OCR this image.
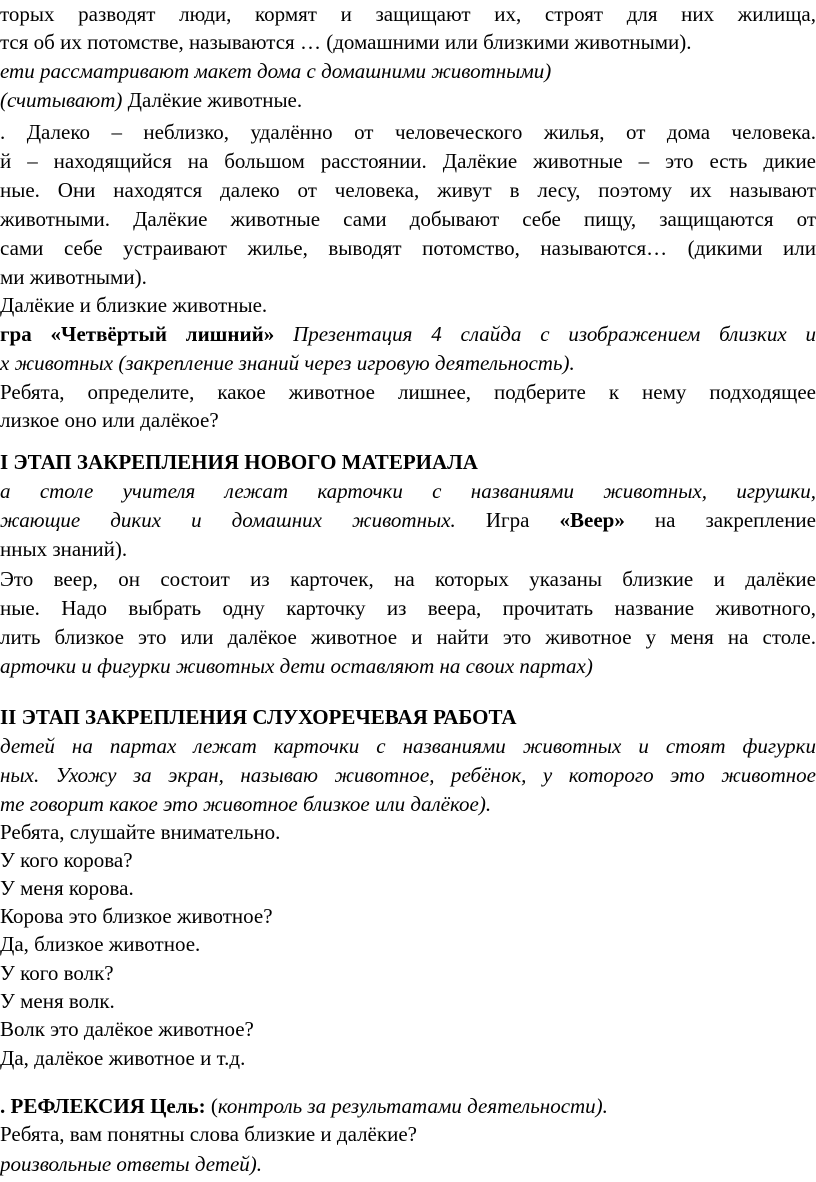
торых разводят люди, кормят и защищают их, строят для них жилища,
тся об их потомстве, называются … (домашними или близкими животными).
ети рассматривают макет дома с домашними животными)
(считывают) Далёкие животные.
. Далеко – неблизко, удалённо от человеческого жилья, от дома человека.
й – находящийся на большом расстоянии. Далёкие животные – это есть дикие
ные. Они находятся далеко от человека, живут в лесу, поэтому их называют
животными. Далёкие животные сами добывают себе пищу, защищаются от
сами себе устраивают жилье, выводят потомство, называются… (дикими или
ми животными).
Далёкие и близкие животные.
гра «Четвёртый лишний» Презентация 4 слайда с изображением близких и
х животных (закрепление знаний через игровую деятельность).
Ребята, определите, какое животное лишнее, подберите к нему подходящее
лизкое оно или далёкое?
I ЭТАП ЗАКРЕПЛЕНИЯ НОВОГО МАТЕРИАЛА
а столе учителя лежат карточки с названиями животных, игрушки,
жающие диких и домашних животных. Игра «Веер» на закрепление
нных знаний).
Это веер, он состоит из карточек, на которых указаны близкие и далёкие
ные. Надо выбрать одну карточку из веера, прочитать название животного,
лить близкое это или далёкое животное и найти это животное у меня на столе.
арточки и фигурки животных дети оставляют на своих партах)
II ЭТАП ЗАКРЕПЛЕНИЯ СЛУХОРЕЧЕВАЯ РАБОТА
детей на партах лежат карточки с названиями животных и стоят фигурки
ных. Ухожу за экран, называю животное, ребёнок, у которого это животное
те говорит какое это животное близкое или далёкое).
Ребята, слушайте внимательно.
У кого корова?
У меня корова.
Корова это близкое животное?
Да, близкое животное.
У кого волк?
У меня волк.
Волк это далёкое животное?
Да, далёкое животное и т.д.
. РЕФЛЕКСИЯ Цель: (контроль за результатами деятельности).
Ребята, вам понятны слова близкие и далёкие?
роизвольные ответы детей).
